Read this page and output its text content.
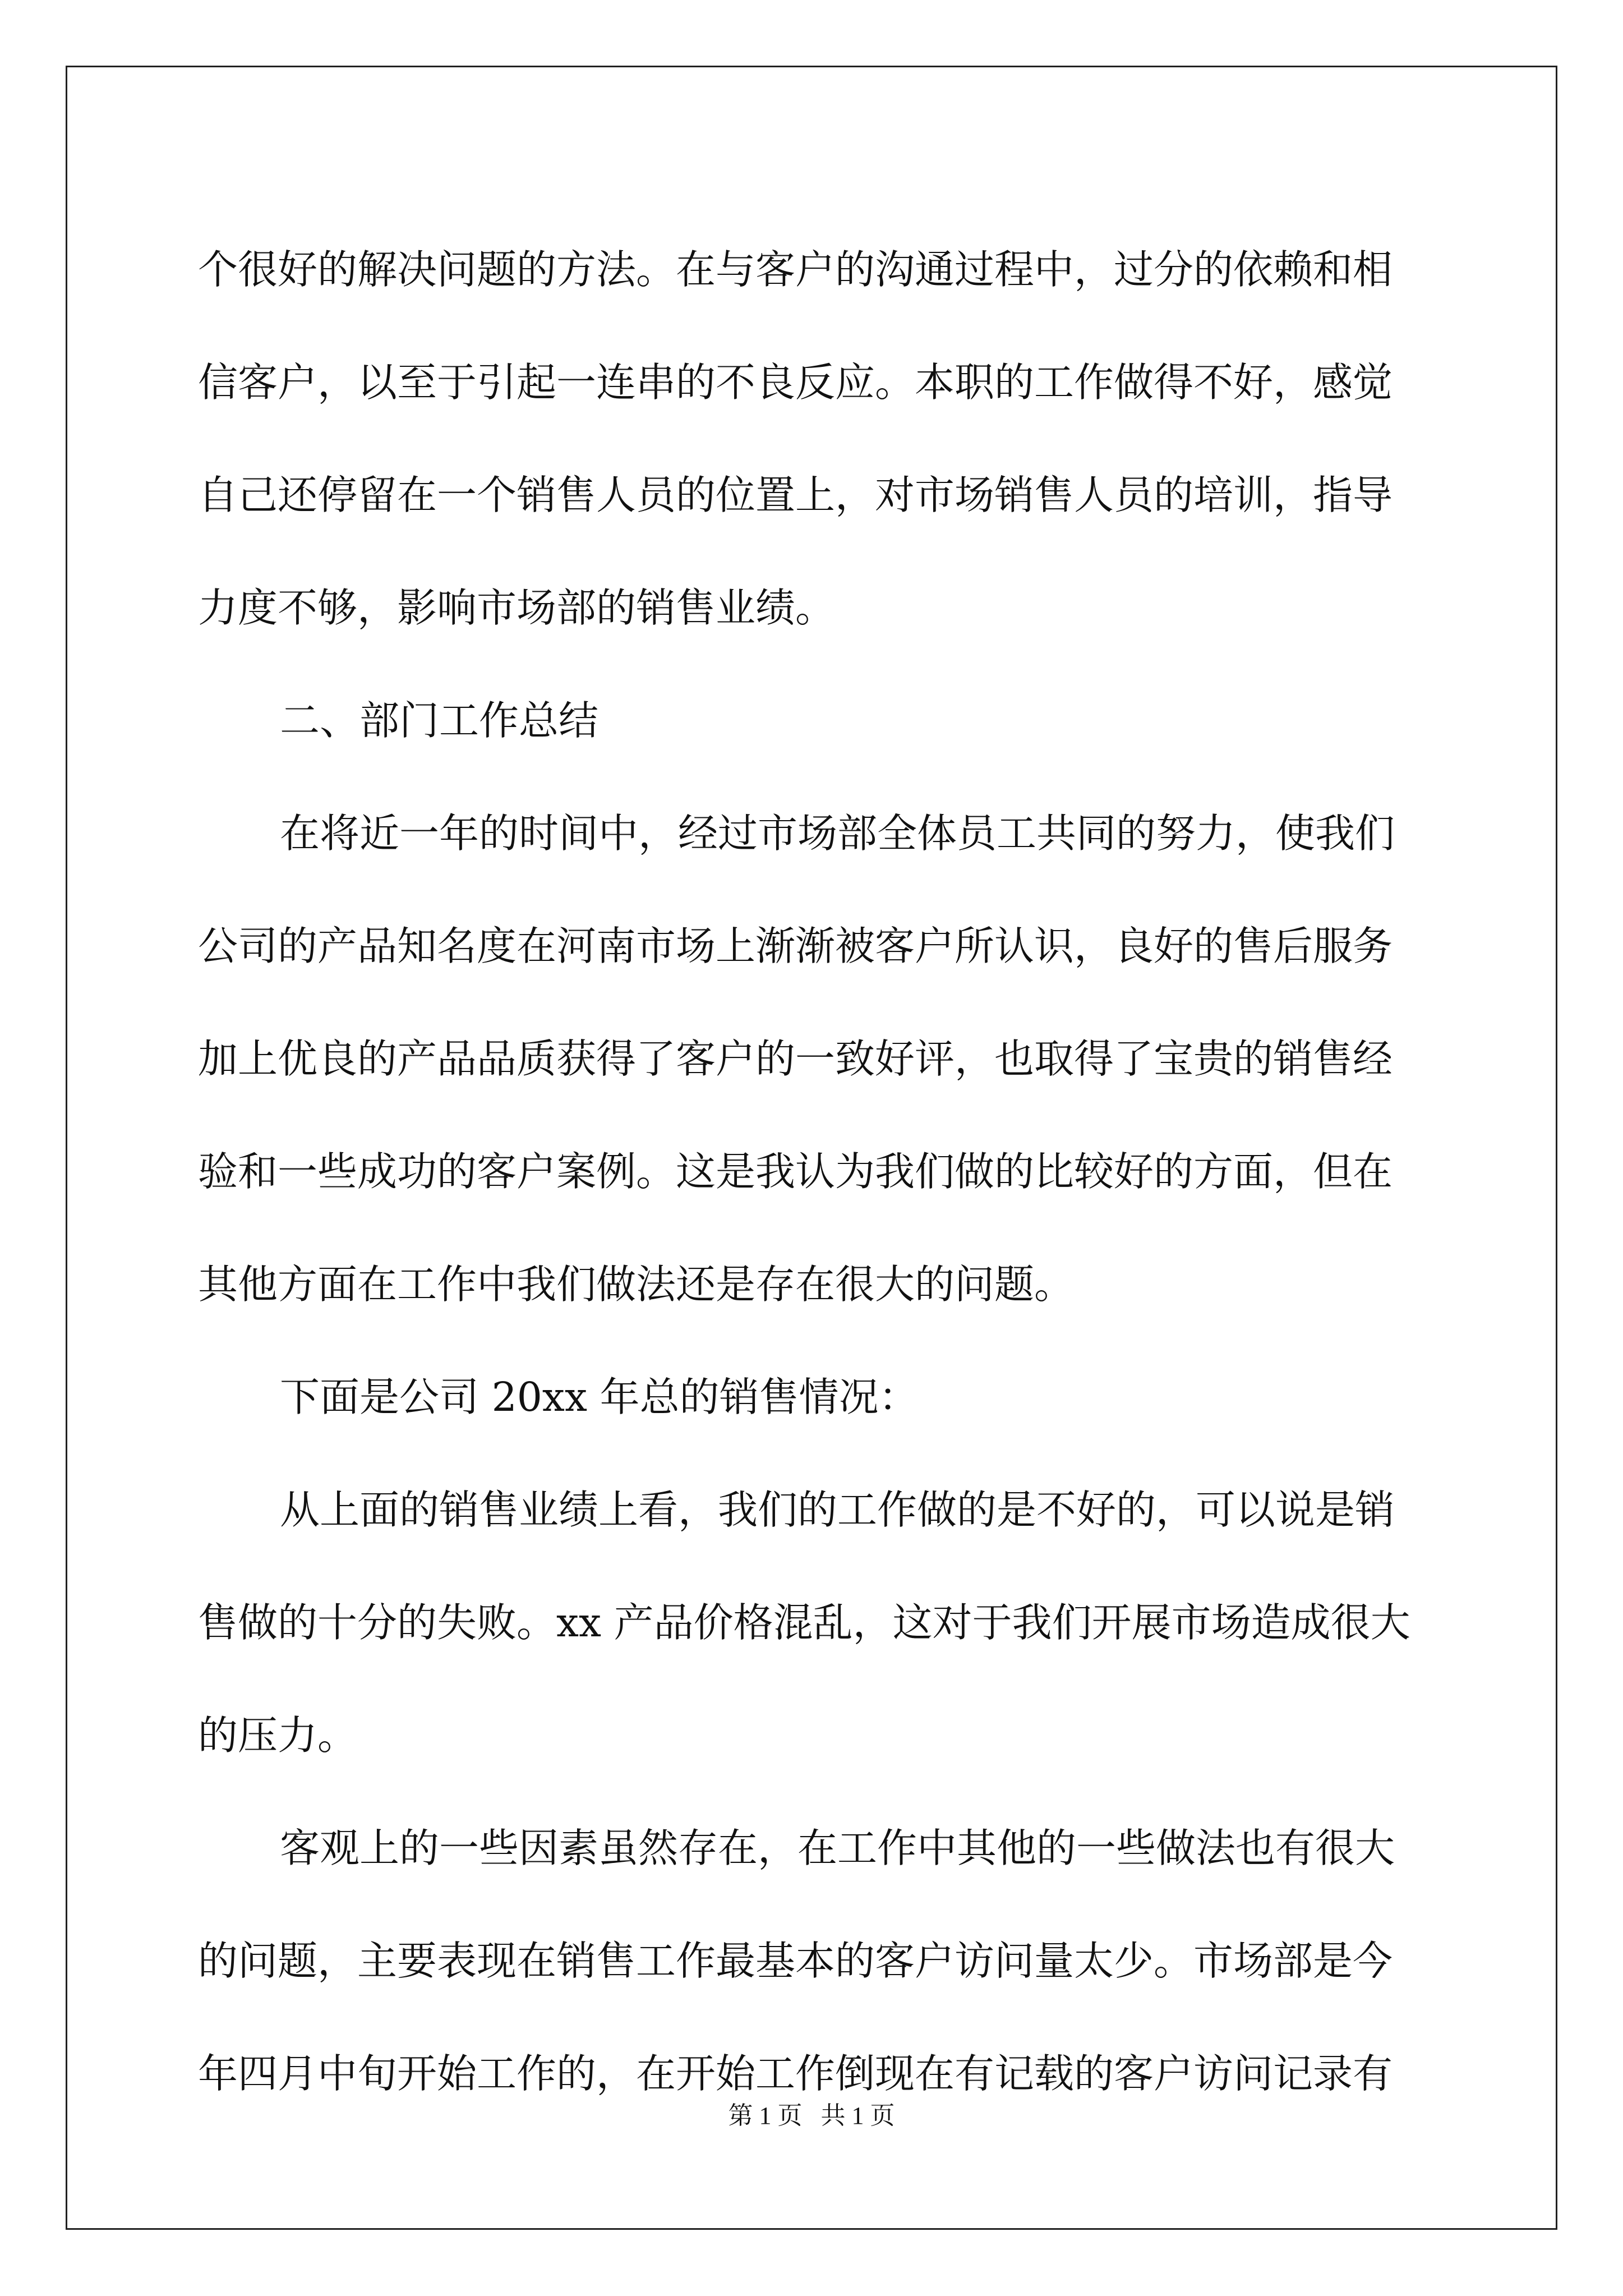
个很好的解决问题的方法。在与客户的沟通过程中，过分的依赖和相
信客户，以至于引起一连串的不良反应。本职的工作做得不好，感觉
自己还停留在一个销售人员的位置上，对市场销售人员的培训，指导
力度不够，影响市场部的销售业绩。
二、部门工作总结
在将近一年的时间中，经过市场部全体员工共同的努力，使我们
公司的产品知名度在河南市场上渐渐被客户所认识，良好的售后服务
加上优良的产品品质获得了客户的一致好评，也取得了宝贵的销售经
验和一些成功的客户案例。这是我认为我们做的比较好的方面，但在
其他方面在工作中我们做法还是存在很大的问题。
下面是公司 20xx 年总的销售情况：
从上面的销售业绩上看，我们的工作做的是不好的，可以说是销
售做的十分的失败。xx 产品价格混乱，这对于我们开展市场造成很大
的压力。
客观上的一些因素虽然存在，在工作中其他的一些做法也有很大
的问题，主要表现在销售工作最基本的客户访问量太少。市场部是今
年四月中旬开始工作的，在开始工作倒现在有记载的客户访问记录有
第 1 页 共 1 页
